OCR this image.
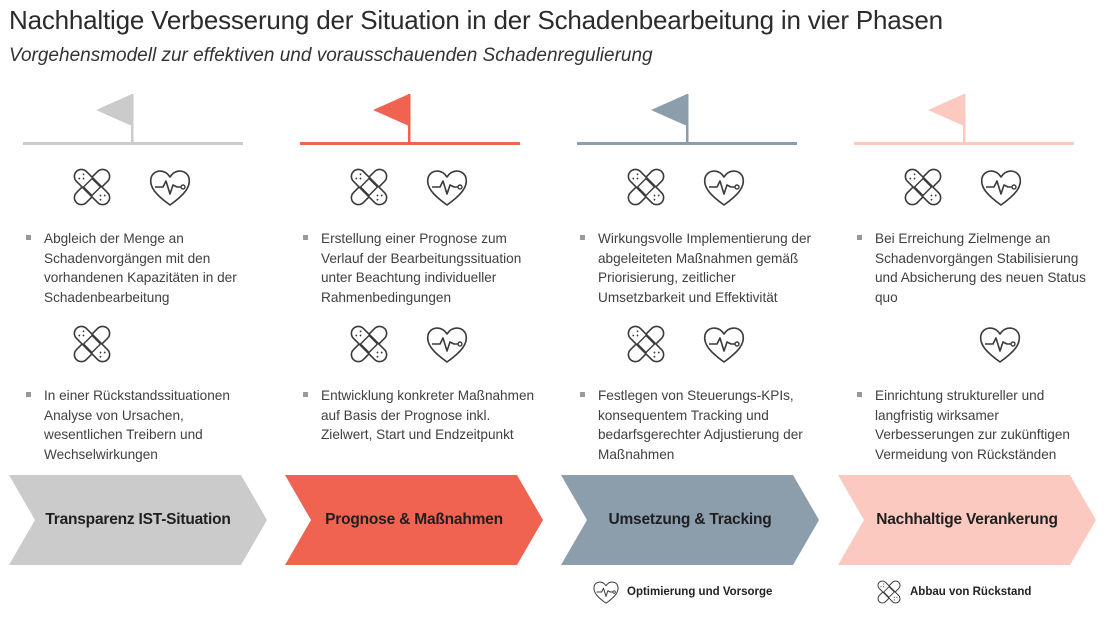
Nachhaltige Verbesserung der Situation in der Schadenbearbeitung in vier Phasen
Vorgehensmodell zur effektiven und vorausschauenden Schadenregulierung
Abgleich der Menge an Schadenvorgängen mit den vorhandenen Kapazitäten in der Schadenbearbeitung
In einer Rückstandssituationen Analyse von Ursachen, wesentlichen Treibern und Wechselwirkungen
Transparenz IST-Situation
Erstellung einer Prognose zum Verlauf der Bearbeitungssituation unter Beachtung individueller Rahmenbedingungen
Entwicklung konkreter Maßnahmen auf Basis der Prognose inkl. Zielwert, Start und Endzeitpunkt
Prognose & Maßnahmen
Wirkungsvolle Implementierung der abgeleiteten Maßnahmen gemäß Priorisierung, zeitlicher Umsetzbarkeit und Effektivität
Festlegen von Steuerungs-KPIs, konsequentem Tracking und bedarfsgerechter Adjustierung der Maßnahmen
Umsetzung & Tracking
Bei Erreichung Zielmenge an Schadenvorgängen Stabilisierung und Absicherung des neuen Status quo
Einrichtung struktureller und langfristig wirksamer Verbesserungen zur zukünftigen Vermeidung von Rückständen
Nachhaltige Verankerung
Optimierung und Vorsorge	Abbau von Rückstand
